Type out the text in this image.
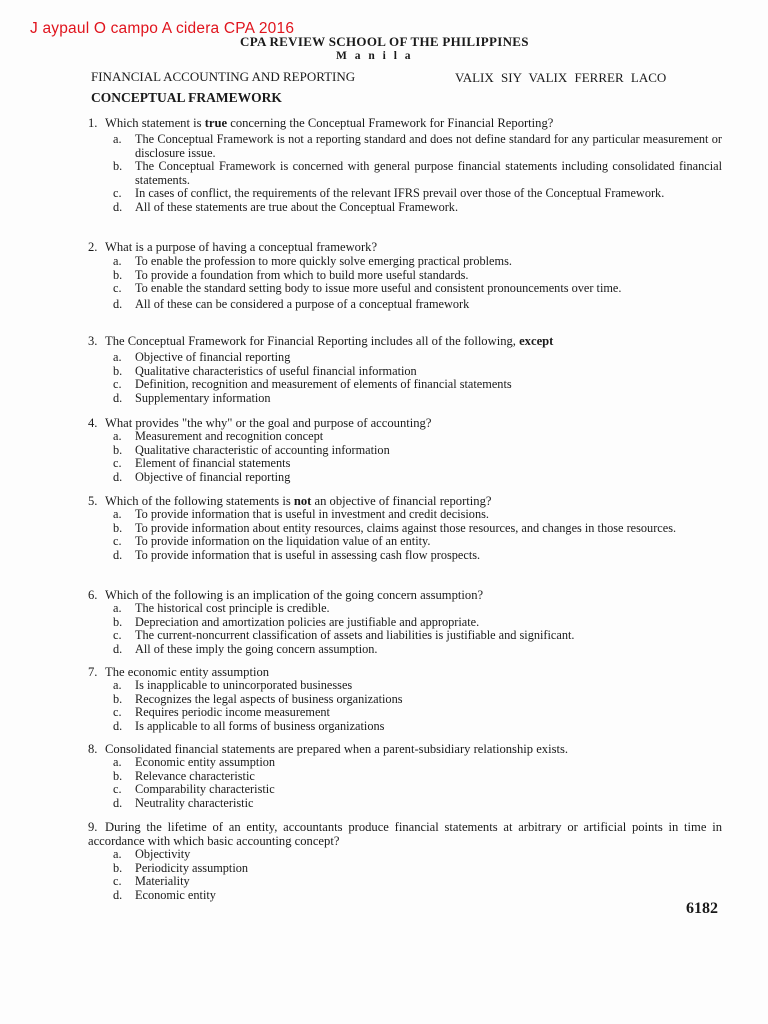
J aypaul O campo A cidera CPA 2016
CPA REVIEW SCHOOL OF THE PHILIPPINES
M a n i l a
FINANCIAL ACCOUNTING AND REPORTING	VALIX SIY VALIX FERRER LACO
CONCEPTUAL FRAMEWORK
1. Which statement is true concerning the Conceptual Framework for Financial Reporting?
a.	The Conceptual Framework is not a reporting standard and does not define standard for any particular measurement or disclosure issue.
b.	The Conceptual Framework is concerned with general purpose financial statements including consolidated financial statements.
c.	In cases of conflict, the requirements of the relevant IFRS prevail over those of the Conceptual Framework.
d.	All of these statements are true about the Conceptual Framework.
2. What is a purpose of having a conceptual framework?
a.	To enable the profession to more quickly solve emerging practical problems.
b.	To provide a foundation from which to build more useful standards.
c.	To enable the standard setting body to issue more useful and consistent pronouncements over time.
d.	All of these can be considered a purpose of a conceptual framework
3. The Conceptual Framework for Financial Reporting includes all of the following, except
a.	Objective of financial reporting
b.	Qualitative characteristics of useful financial information
c.	Definition, recognition and measurement of elements of financial statements
d.	Supplementary information
4. What provides "the why" or the goal and purpose of accounting?
a.	Measurement and recognition concept
b.	Qualitative characteristic of accounting information
c.	Element of financial statements
d.	Objective of financial reporting
5. Which of the following statements is not an objective of financial reporting?
a.	To provide information that is useful in investment and credit decisions.
b.	To provide information about entity resources, claims against those resources, and changes in those resources.
c.	To provide information on the liquidation value of an entity.
d.	To provide information that is useful in assessing cash flow prospects.
6. Which of the following is an implication of the going concern assumption?
a.	The historical cost principle is credible.
b.	Depreciation and amortization policies are justifiable and appropriate.
c.	The current-noncurrent classification of assets and liabilities is justifiable and significant.
d.	All of these imply the going concern assumption.
7. The economic entity assumption
a.	Is inapplicable to unincorporated businesses
b.	Recognizes the legal aspects of business organizations
c.	Requires periodic income measurement
d.	Is applicable to all forms of business organizations
8. Consolidated financial statements are prepared when a parent-subsidiary relationship exists.
a.	Economic entity assumption
b.	Relevance characteristic
c.	Comparability characteristic
d.	Neutrality characteristic
9. During the lifetime of an entity, accountants produce financial statements at arbitrary or artificial points in time in accordance with which basic accounting concept?
a.	Objectivity
b.	Periodicity assumption
c.	Materiality
d.	Economic entity
6182
